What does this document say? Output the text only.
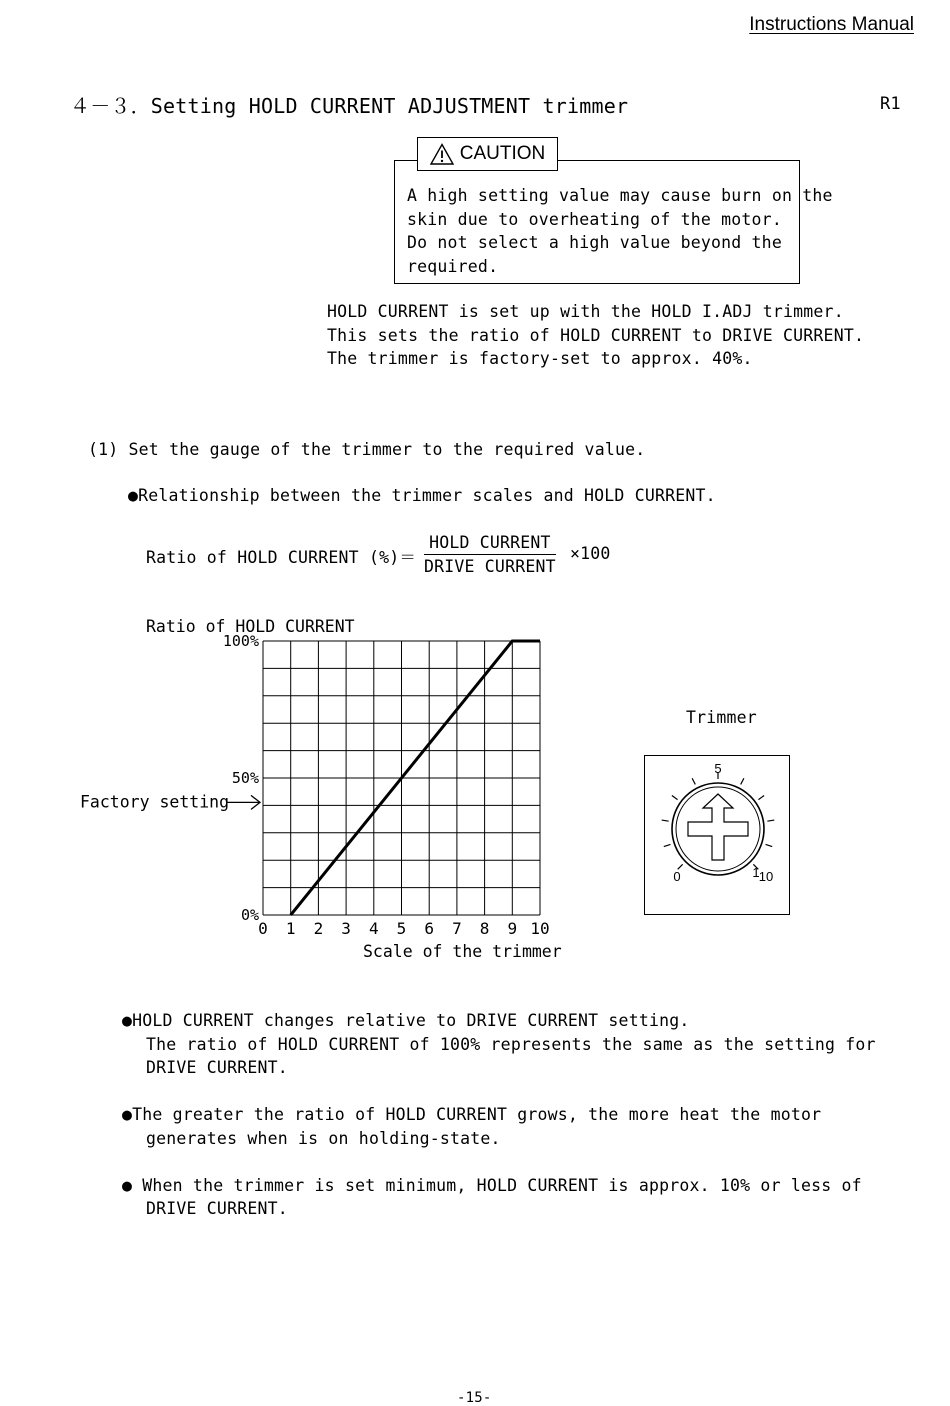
Instructions Manual
４－３．Setting HOLD CURRENT ADJUSTMENT trimmer	R1
CAUTION
A high setting value may cause burn on the
skin due to overheating of the motor.
Do not select a high value beyond the
required.
HOLD CURRENT is set up with the HOLD I.ADJ trimmer.
This sets the ratio of HOLD CURRENT to DRIVE CURRENT.
The trimmer is factory-set to approx. 40%.
(1) Set the gauge of the trimmer to the required value.
●Relationship between the trimmer scales and HOLD CURRENT.
Ratio of HOLD CURRENT (%)＝
HOLD CURRENT
DRIVE CURRENT
×100
Ratio of HOLD CURRENT
0 1 2 3 4 5 6 7 8 9 10
0%
50%
100%
Scale of the trimmer
Factory setting
Trimmer
5
0	1 10
●HOLD CURRENT changes relative to DRIVE CURRENT setting.
The ratio of HOLD CURRENT of 100% represents the same as the setting for
DRIVE CURRENT.
●The greater the ratio of HOLD CURRENT grows, the more heat the motor
generates when is on holding-state.
● When the trimmer is set minimum, HOLD CURRENT is approx. 10% or less of
DRIVE CURRENT.
-15-
